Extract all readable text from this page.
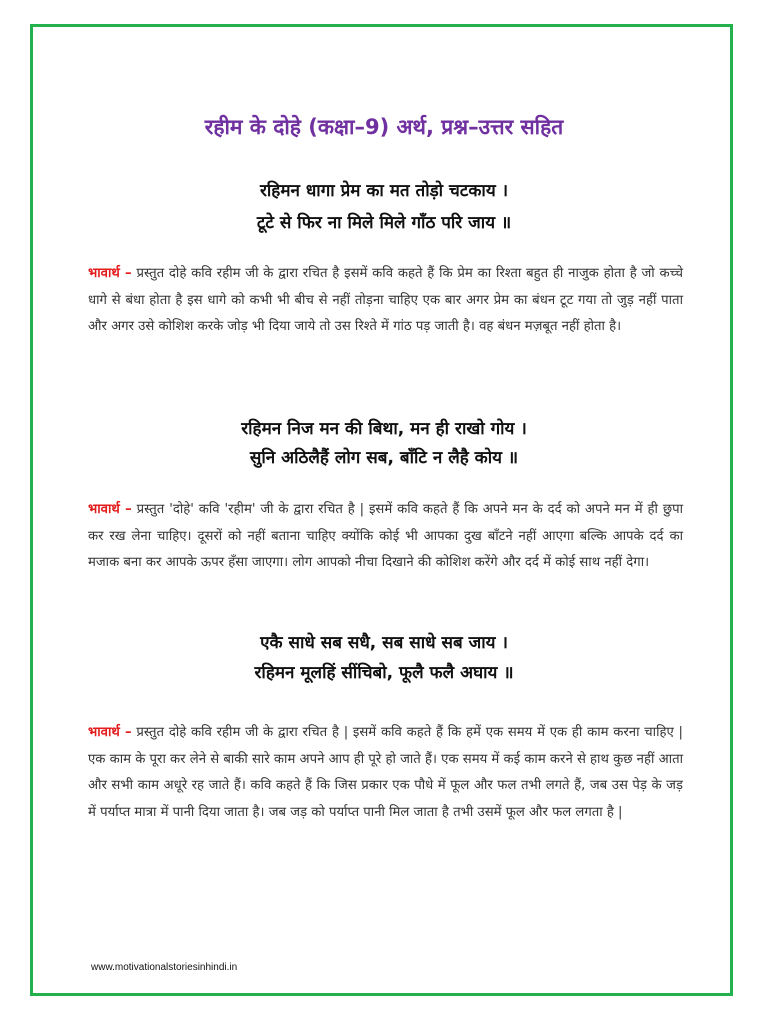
रहीम के दोहे (कक्षा–9) अर्थ, प्रश्न–उत्तर सहित
रहिमन धागा प्रेम का मत तोड़ो चटकाय ।
टूटे से फिर ना मिले मिले गाँठ परि जाय ॥
भावार्थ – प्रस्तुत दोहे कवि रहीम जी के द्वारा रचित है इसमें कवि कहते हैं कि प्रेम का रिश्ता बहुत ही नाजुक होता है जो कच्चे धागे से बंधा होता है इस धागे को कभी भी बीच से नहीं तोड़ना चाहिए एक बार अगर प्रेम का बंधन टूट गया तो जुड़ नहीं पाता और अगर उसे कोशिश करके जोड़ भी दिया जाये तो उस रिश्ते में गांठ पड़ जाती है। वह बंधन मज़बूत नहीं होता है।
रहिमन निज मन की बिथा, मन ही राखो गोय ।
सुनि अठिलैहैं लोग सब, बाँटि न लैहै कोय ॥
भावार्थ – प्रस्तुत 'दोहे' कवि 'रहीम' जी के द्वारा रचित है | इसमें कवि कहते हैं कि अपने मन के दर्द को अपने मन में ही छुपा कर रख लेना चाहिए। दूसरों को नहीं बताना चाहिए क्योंकि कोई भी आपका दुख बाँटने नहीं आएगा बल्कि आपके दर्द का मजाक बना कर आपके ऊपर हँसा जाएगा। लोग आपको नीचा दिखाने की कोशिश करेंगे और दर्द में कोई साथ नहीं देगा।
एकै साधे सब सधै, सब साधे सब जाय ।
रहिमन मूलहिं सींचिबो, फूलै फलै अघाय ॥
भावार्थ – प्रस्तुत दोहे कवि रहीम जी के द्वारा रचित है | इसमें कवि कहते हैं कि हमें एक समय में एक ही काम करना चाहिए | एक काम के पूरा कर लेने से बाकी सारे काम अपने आप ही पूरे हो जाते हैं। एक समय में कई काम करने से हाथ कुछ नहीं आता और सभी काम अधूरे रह जाते हैं। कवि कहते हैं कि जिस प्रकार एक पौधे में फूल और फल तभी लगते हैं, जब उस पेड़ के जड़ में पर्याप्त मात्रा में पानी दिया जाता है। जब जड़ को पर्याप्त पानी मिल जाता है तभी उसमें फूल और फल लगता है |
www.motivationalstoriesinhindi.in
